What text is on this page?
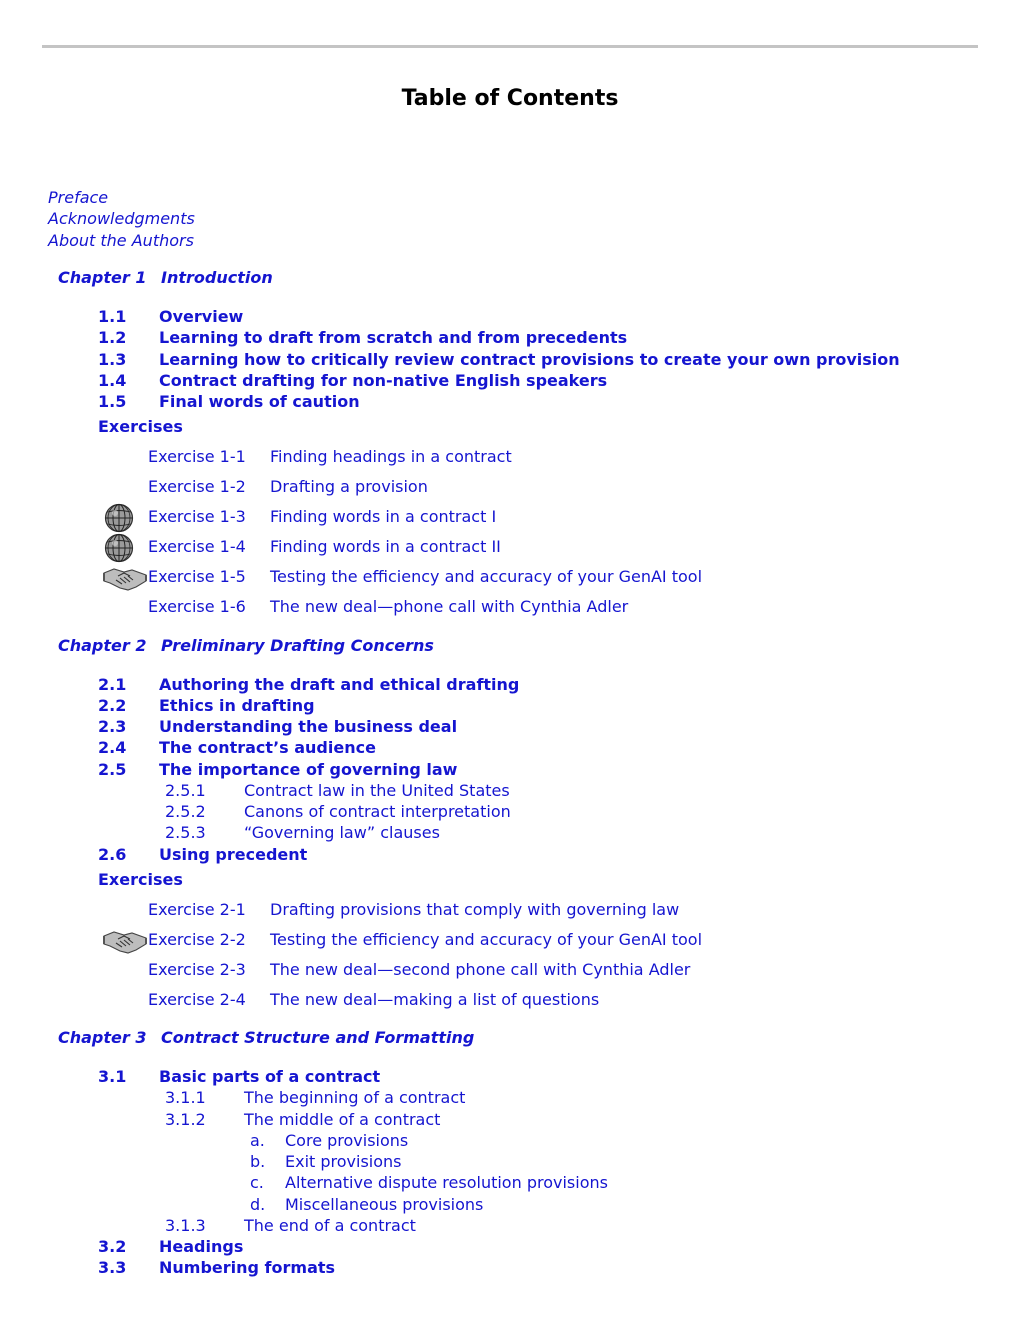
Table of Contents
Preface
Acknowledgments
About the Authors
Chapter 1 Introduction
1.1 Overview
1.2 Learning to draft from scratch and from precedents
1.3 Learning how to critically review contract provisions to create your own provision
1.4 Contract drafting for non-native English speakers
1.5 Final words of caution
Exercises
Exercise 1-1 Finding headings in a contract
Exercise 1-2 Drafting a provision
Exercise 1-3 Finding words in a contract I
Exercise 1-4 Finding words in a contract II
Exercise 1-5 Testing the efficiency and accuracy of your GenAI tool
Exercise 1-6 The new deal—phone call with Cynthia Adler
Chapter 2 Preliminary Drafting Concerns
2.1 Authoring the draft and ethical drafting
2.2 Ethics in drafting
2.3 Understanding the business deal
2.4 The contract’s audience
2.5 The importance of governing law
2.5.1 Contract law in the United States
2.5.2 Canons of contract interpretation
2.5.3 “Governing law” clauses
2.6 Using precedent
Exercises
Exercise 2-1 Drafting provisions that comply with governing law
Exercise 2-2 Testing the efficiency and accuracy of your GenAI tool
Exercise 2-3 The new deal—second phone call with Cynthia Adler
Exercise 2-4 The new deal—making a list of questions
Chapter 3 Contract Structure and Formatting
3.1 Basic parts of a contract
3.1.1 The beginning of a contract
3.1.2 The middle of a contract
a. Core provisions
b. Exit provisions
c. Alternative dispute resolution provisions
d. Miscellaneous provisions
3.1.3 The end of a contract
3.2 Headings
3.3 Numbering formats
